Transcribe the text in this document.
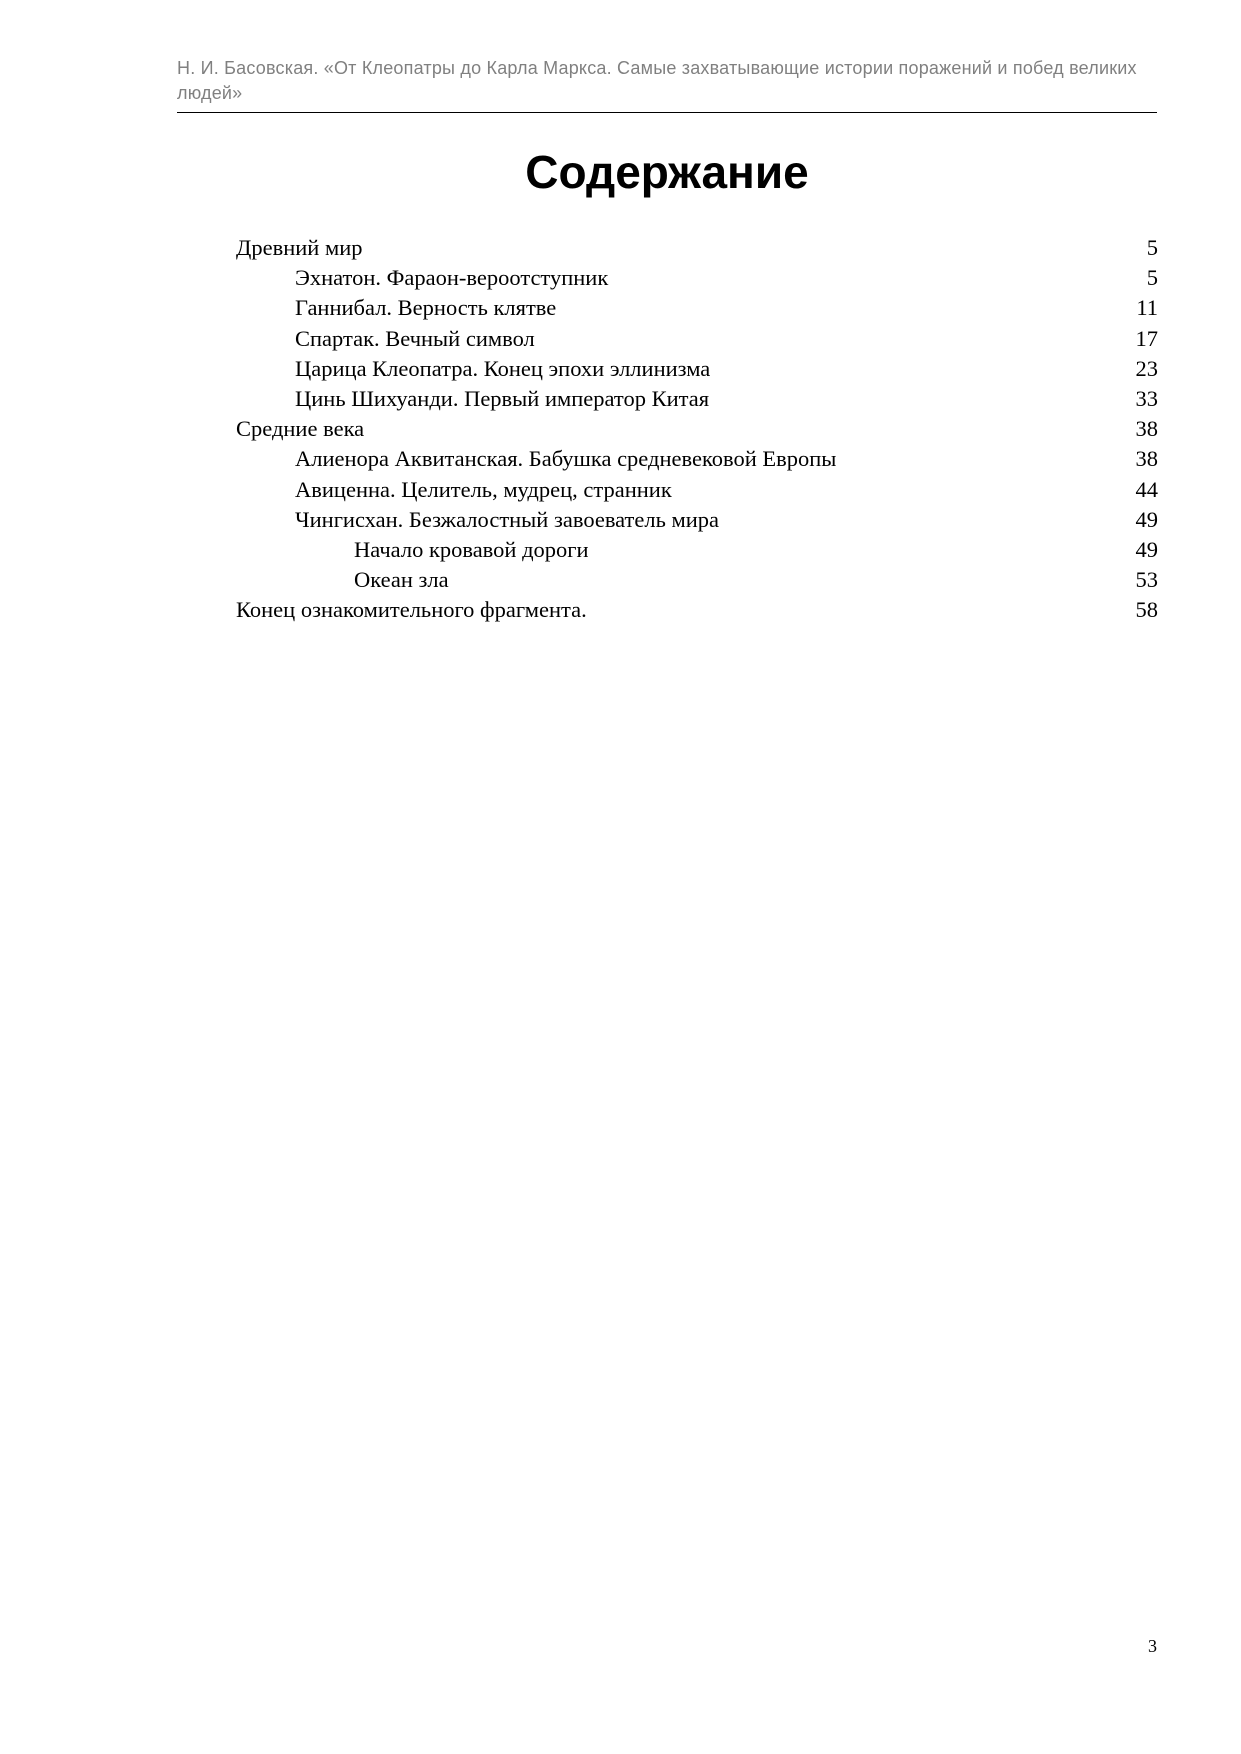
Н. И. Басовская. «От Клеопатры до Карла Маркса. Самые захватывающие истории поражений и побед великих людей»
Содержание
Древний мир	5
Эхнатон. Фараон-вероотступник	5
Ганнибал. Верность клятве	11
Спартак. Вечный символ	17
Царица Клеопатра. Конец эпохи эллинизма	23
Цинь Шихуанди. Первый император Китая	33
Средние века	38
Алиенора Аквитанская. Бабушка средневековой Европы	38
Авиценна. Целитель, мудрец, странник	44
Чингисхан. Безжалостный завоеватель мира	49
Начало кровавой дороги	49
Океан зла	53
Конец ознакомительного фрагмента.	58
3
